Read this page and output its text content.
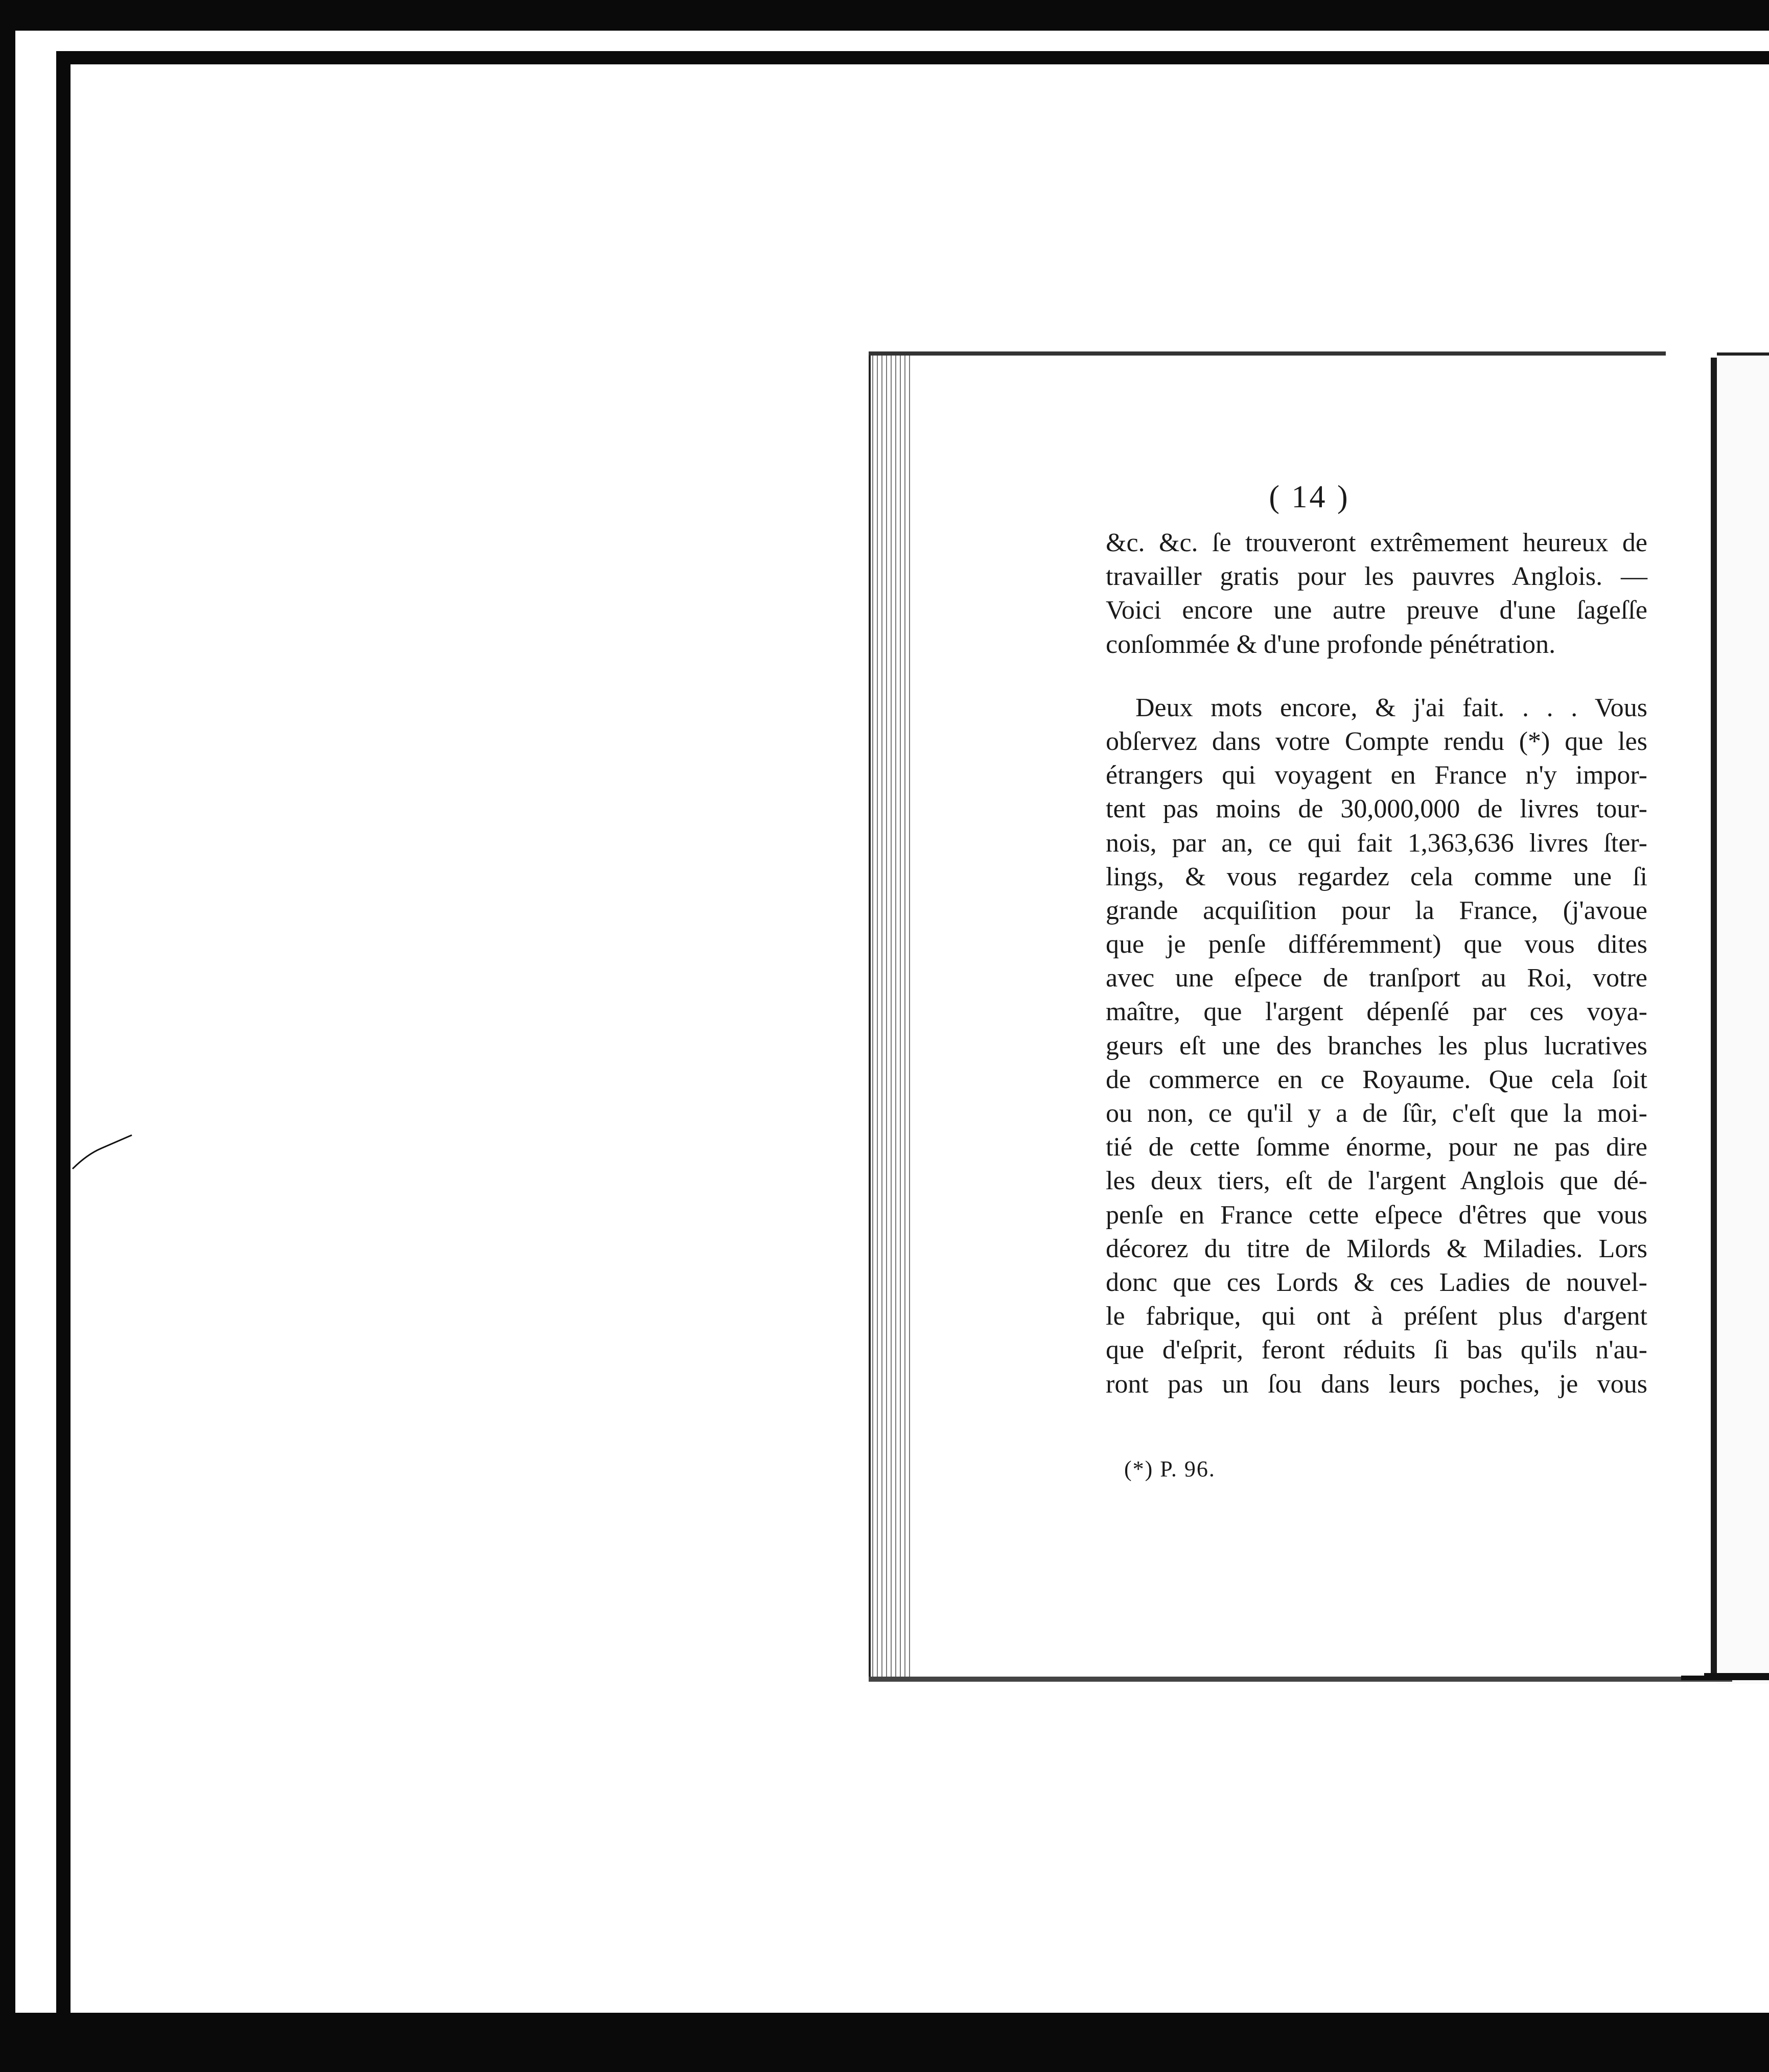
( 14 )
&c. &c. ſe trouveront extrêmement heureux de
travailler gratis pour les pauvres Anglois. —
Voici encore une autre preuve d'une ſageſſe
conſommée & d'une profonde pénétration.
Deux mots encore, & j'ai fait. . . . Vous
obſervez dans votre Compte rendu (*) que les
étrangers qui voyagent en France n'y impor-
tent pas moins de 30,000,000 de livres tour-
nois, par an, ce qui fait 1,363,636 livres ſter-
lings, & vous regardez cela comme une ſi
grande acquiſition pour la France, (j'avoue
que je penſe différemment) que vous dites
avec une eſpece de tranſport au Roi, votre
maître, que l'argent dépenſé par ces voya-
geurs eſt une des branches les plus lucratives
de commerce en ce Royaume. Que cela ſoit
ou non, ce qu'il y a de ſûr, c'eſt que la moi-
tié de cette ſomme énorme, pour ne pas dire
les deux tiers, eſt de l'argent Anglois que dé-
penſe en France cette eſpece d'êtres que vous
décorez du titre de Milords & Miladies. Lors
donc que ces Lords & ces Ladies de nouvel-
le fabrique, qui ont à préſent plus d'argent
que d'eſprit, feront réduits ſi bas qu'ils n'au-
ront pas un ſou dans leurs poches, je vous
(*) P. 96.
